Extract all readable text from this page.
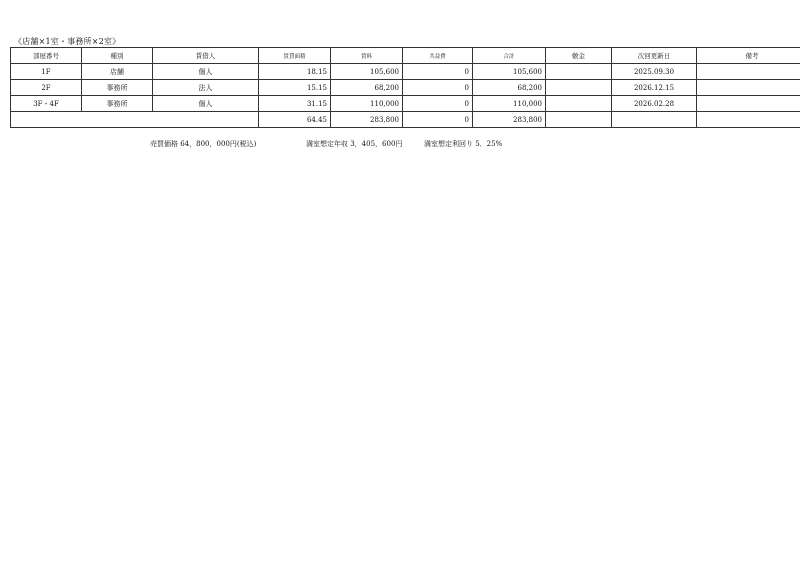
《店舗×1室・事務所×2室》
部屋番号	種別	賃借人	賃貸面積	賃料	共益費	合計	敷金	次回更新日	備考
1F	店舗	個人	18.15	105,600	0	105,600		2025.09.30	
2F	事務所	法人	15.15	68,200	0	68,200		2026.12.15	
3F・4F	事務所	個人	31.15	110,000	0	110,000		2026.02.28	
			64.45	283,800	0	283,800			
売買価格 64，800，000円(税込)	満室想定年収 3，405，600円	満室想定利回り 5．25%
